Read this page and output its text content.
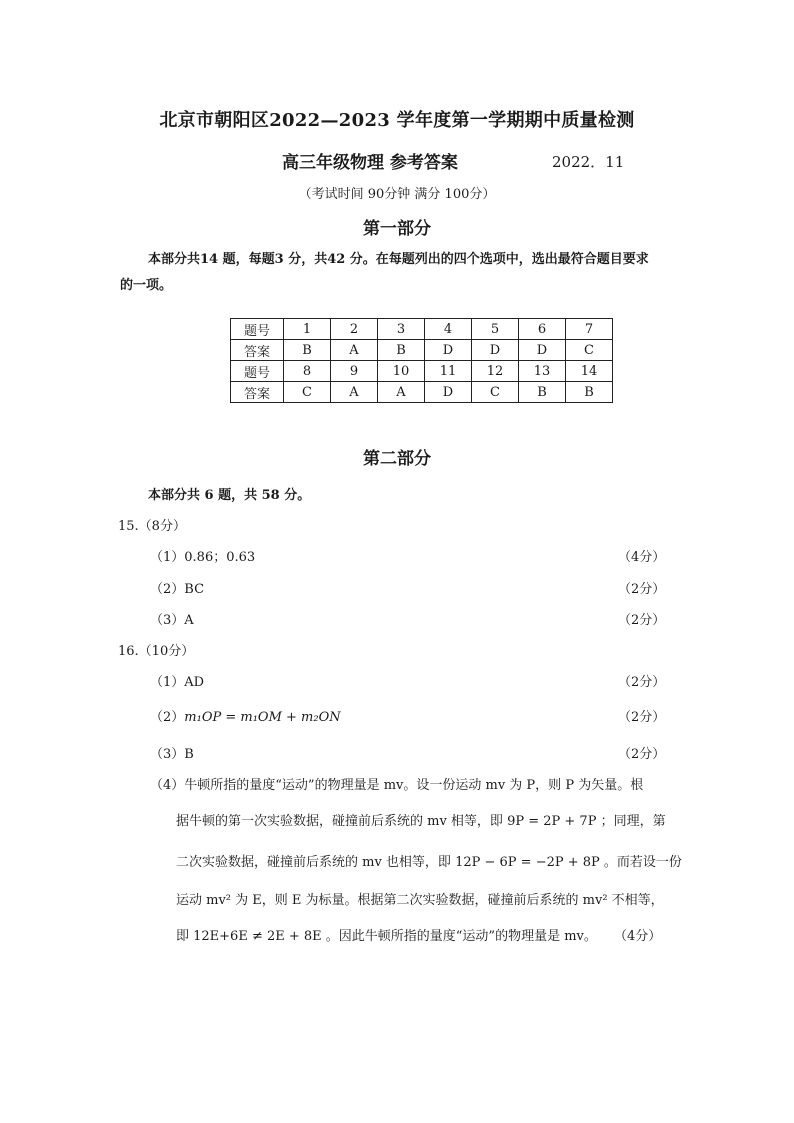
北京市朝阳区2022—2023 学年度第一学期期中质量检测
高三年级物理 参考答案	2022．11
（考试时间 90分钟 满分 100分）
第一部分
本部分共14 题，每题3 分，共42 分。在每题列出的四个选项中，选出最符合题目要求
的一项。
题号	1	2	3	4	5	6	7
答案	B	A	B	D	D	D	C
题号	8	9	10	11	12	13	14
答案	C	A	A	D	C	B	B
第二部分
本部分共 6 题，共 58 分。
15.（8分）
（1）0.86；0.63	（4分）
（2）BC	（2分）
（3）A	（2分）
16.（10分）
（1）AD	（2分）
（2）m₁OP = m₁OM + m₂ON	（2分）
（3）B	（2分）
（4）牛顿所指的量度“运动”的物理量是 mv。设一份运动 mv 为 P，则 P 为矢量。根
据牛顿的第一次实验数据，碰撞前后系统的 mv 相等，即 9P = 2P + 7P ；同理，第
二次实验数据，碰撞前后系统的 mv 也相等，即 12P − 6P = −2P + 8P 。而若设一份
运动 mv² 为 E，则 E 为标量。根据第二次实验数据，碰撞前后系统的 mv² 不相等，
即 12E+6E ≠ 2E + 8E 。因此牛顿所指的量度“运动”的物理量是 mv。 （4分）
